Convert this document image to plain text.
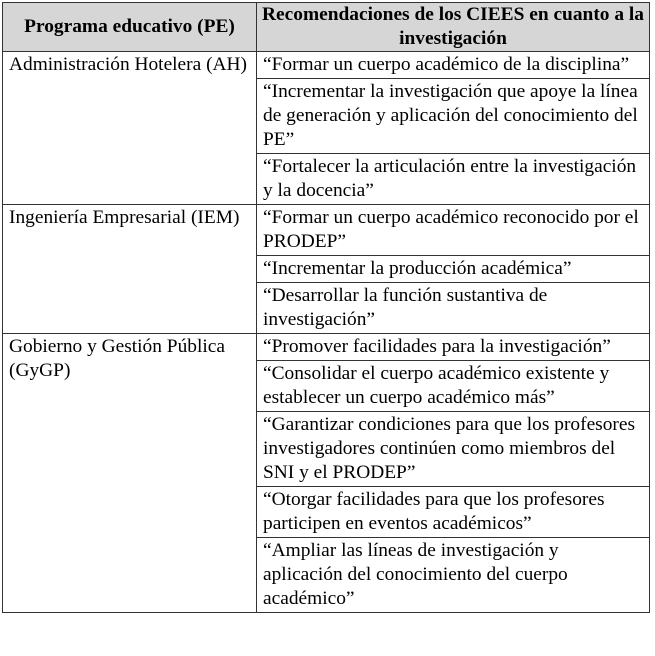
Programa educativo (PE)	Recomendaciones de los CIEES en cuanto a la investigación
Administración Hotelera (AH)	“Formar un cuerpo académico de la disciplina”
	“Incrementar la investigación que apoye la línea de generación y aplicación del conocimiento del PE”
	“Fortalecer la articulación entre la investigación y la docencia”
Ingeniería Empresarial (IEM)	“Formar un cuerpo académico reconocido por el PRODEP”
	“Incrementar la producción académica”
	“Desarrollar la función sustantiva de investigación”
Gobierno y Gestión Pública (GyGP)	“Promover facilidades para la investigación”
	“Consolidar el cuerpo académico existente y establecer un cuerpo académico más”
	“Garantizar condiciones para que los profesores investigadores continúen como miembros del SNI y el PRODEP”
	“Otorgar facilidades para que los profesores participen en eventos académicos”
	“Ampliar las líneas de investigación y aplicación del conocimiento del cuerpo académico”
